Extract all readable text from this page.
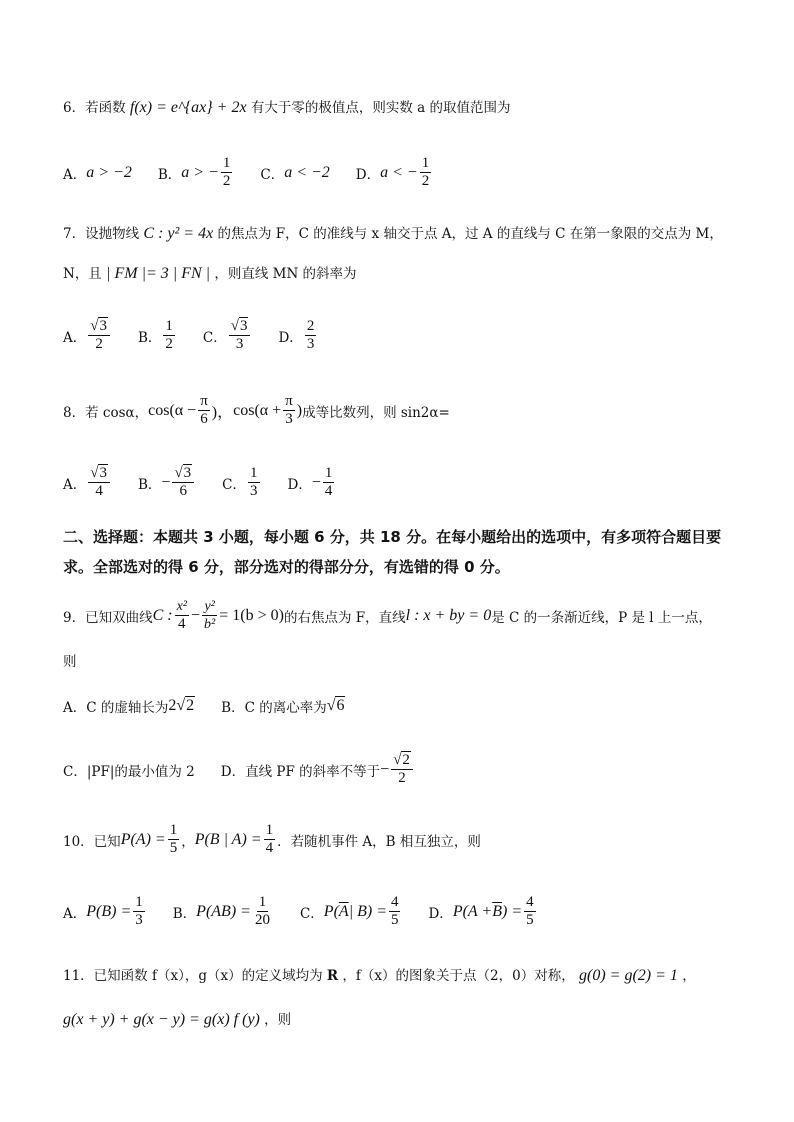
6．若函数 f(x) = e^{ax} + 2x 有大于零的极值点，则实数 a 的取值范围为
A． a > −2 B． a > − $\frac{1}{2}$ C． a < −2 D． a < − $\frac{1}{2}$
7．设抛物线 C : y² = 4x 的焦点为 F，C 的准线与 x 轴交于点 A，过 A 的直线与 C 在第一象限的交点为 M，
N，且 | FM |= 3 | FN | ，则直线 MN 的斜率为
A． $\frac{√3}{2}$ B． $\frac{1}{2}$ C． $\frac{√3}{3}$ D． $\frac{2}{3}$
8．若 cosα， $\cos(\alpha - \frac{\pi}{6}$ )， $\cos(\alpha + \frac{\pi}{3}$ ) 成等比数列，则 sin2α=
A． $\frac{√3}{4}$ B． − $\frac{√3}{6}$ C． $\frac{1}{3}$ D． − $\frac{1}{4}$
二、选择题：本题共 3 小题，每小题 6 分，共 18 分。在每小题给出的选项中，有多项符合题目要求。全部选对的得 6 分，部分选对的得部分分，有选错的得 0 分。
9．已知双曲线 C : $\frac{\text{x²}}{4} - \frac{\text{y²}}{\text{b²}} = 1(b > 0)$ 的右焦点为 F，直线 l : x + by = 0 是 C 的一条渐近线，P 是 l 上一点，
则
A． C 的虚轴长为 2 √ 2 B． C 的离心率为 √ 6
C． |PF|的最小值为 2 D． 直线 PF 的斜率不等于 − $\frac{√2}{2}$
10．已知 $P(A) = \frac{1}{5}$ ， P(B | $A) = \frac{1}{4}$ ．若随机事件 A，B 相互独立，则
A． $P(B) = \frac{1}{3}$ B． $P(AB) = \frac{1}{20}$ C． P( $\overline{A}$ | $B) = \frac{4}{5}$ D． $P(A + \overline{B}$ ) = $\frac{4}{5}$
11．已知函数 f（x），g（x）的定义域均为 R ，f（x）的图象关于点（2，0）对称， g(0) = g(2) = 1 ，
g(x + y) + g(x − y) = g(x) f (y) ，则
